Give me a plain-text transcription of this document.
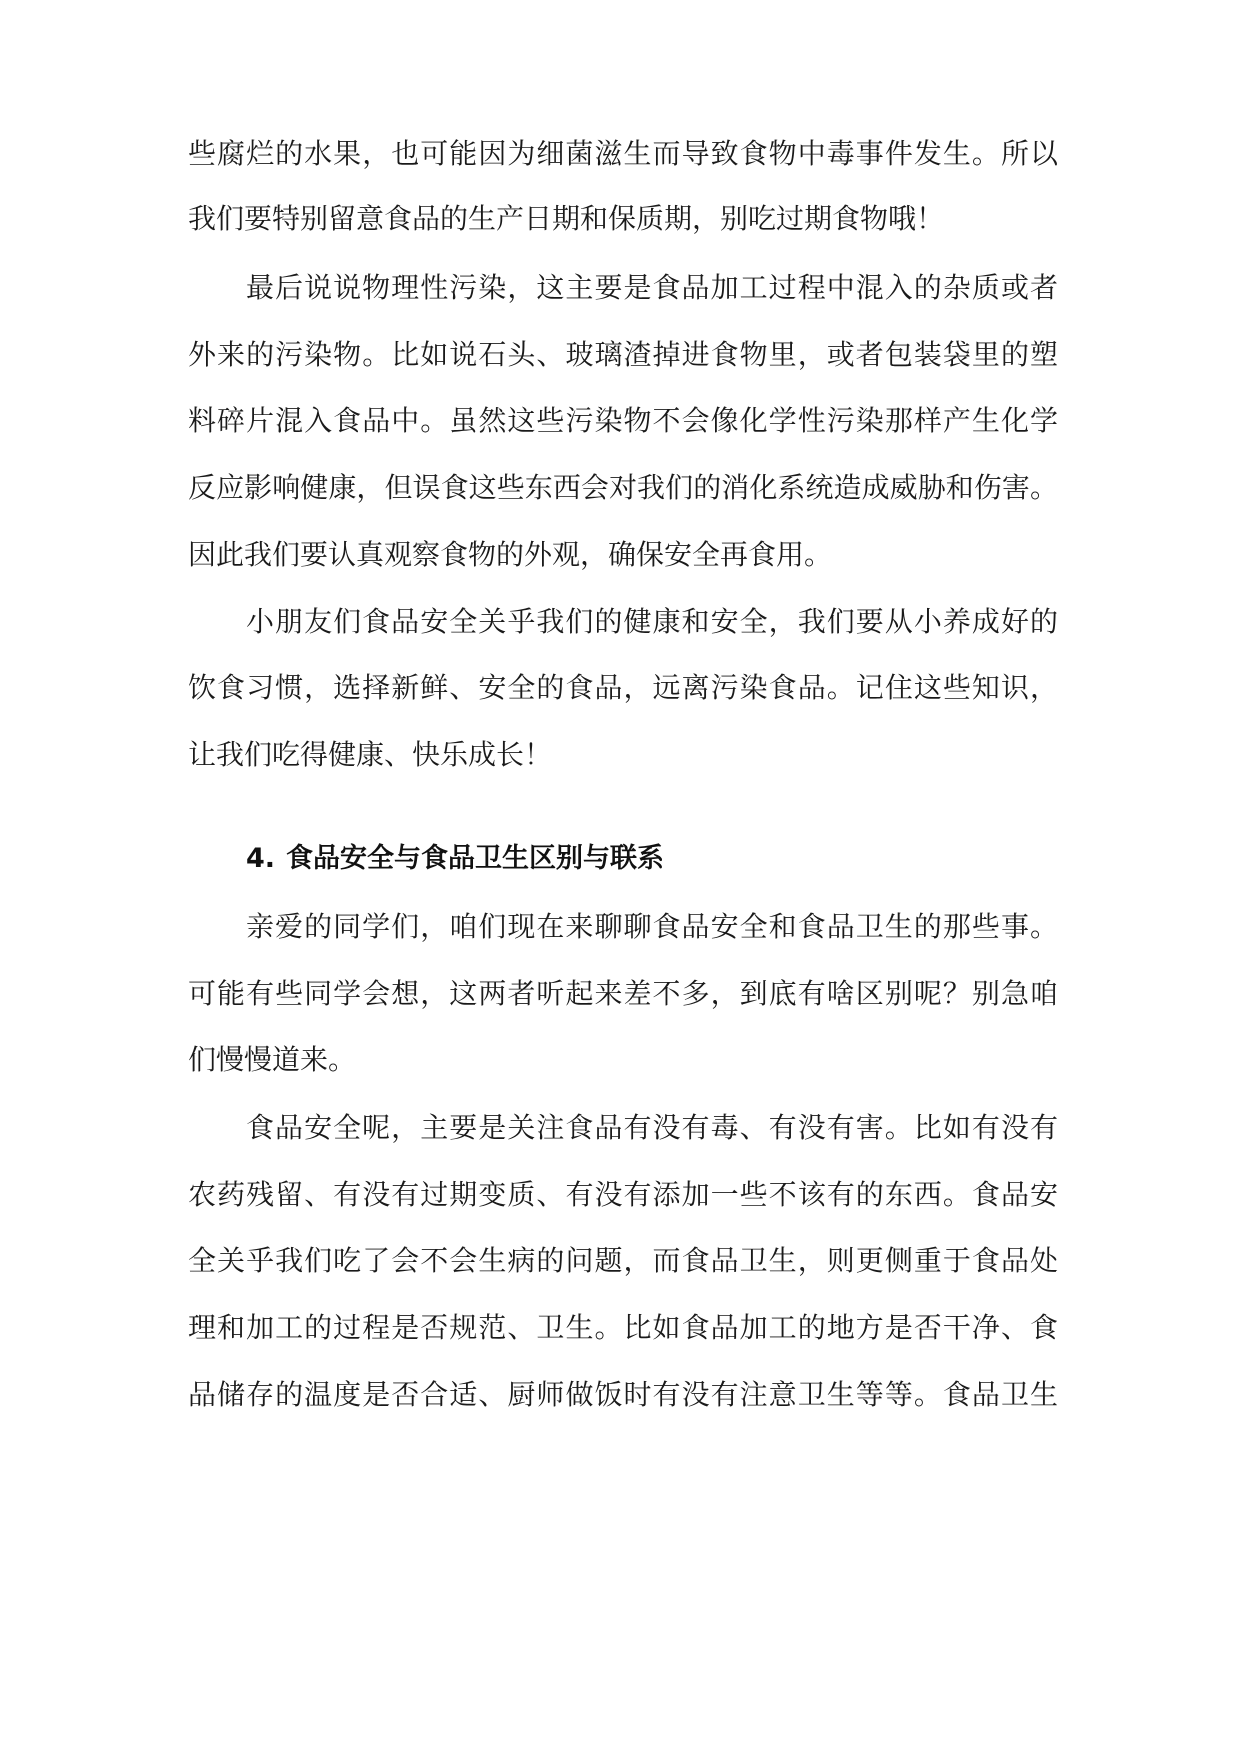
些腐烂的水果，也可能因为细菌滋生而导致食物中毒事件发生。所以
我们要特别留意食品的生产日期和保质期，别吃过期食物哦！
最后说说物理性污染，这主要是食品加工过程中混入的杂质或者
外来的污染物。比如说石头、玻璃渣掉进食物里，或者包装袋里的塑
料碎片混入食品中。虽然这些污染物不会像化学性污染那样产生化学
反应影响健康，但误食这些东西会对我们的消化系统造成威胁和伤害。
因此我们要认真观察食物的外观，确保安全再食用。
小朋友们食品安全关乎我们的健康和安全，我们要从小养成好的
饮食习惯，选择新鲜、安全的食品，远离污染食品。记住这些知识，
让我们吃得健康、快乐成长！
4. 食品安全与食品卫生区别与联系
亲爱的同学们，咱们现在来聊聊食品安全和食品卫生的那些事。
可能有些同学会想，这两者听起来差不多，到底有啥区别呢？别急咱
们慢慢道来。
食品安全呢，主要是关注食品有没有毒、有没有害。比如有没有
农药残留、有没有过期变质、有没有添加一些不该有的东西。食品安
全关乎我们吃了会不会生病的问题，而食品卫生，则更侧重于食品处
理和加工的过程是否规范、卫生。比如食品加工的地方是否干净、食
品储存的温度是否合适、厨师做饭时有没有注意卫生等等。食品卫生
